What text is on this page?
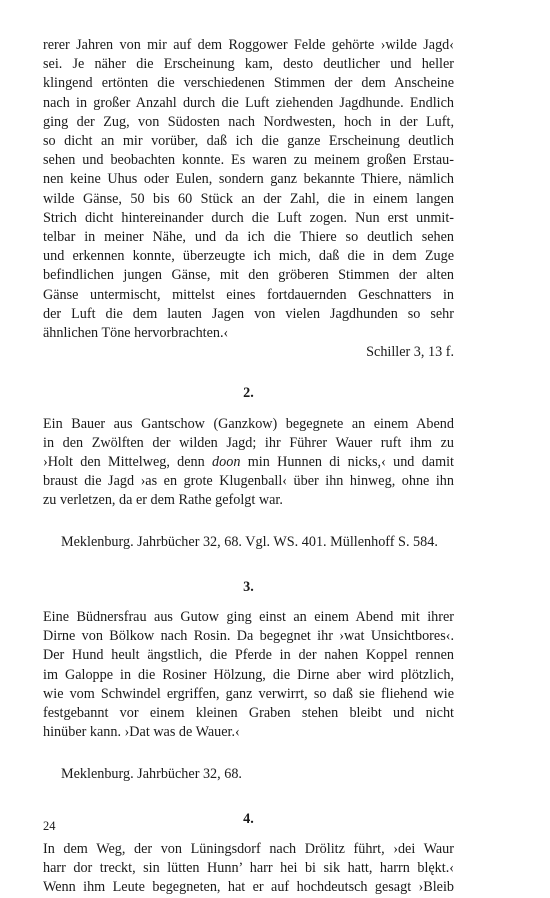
rerer Jahren von mir auf dem Roggower Felde gehörte ›wilde Jagd‹
sei. Je näher die Erscheinung kam, desto deutlicher und heller
klingend ertönten die verschiedenen Stimmen der dem Anscheine
nach in großer Anzahl durch die Luft ziehenden Jagdhunde. Endlich
ging der Zug, von Südosten nach Nordwesten, hoch in der Luft,
so dicht an mir vorüber, daß ich die ganze Erscheinung deutlich
sehen und beobachten konnte. Es waren zu meinem großen Erstau-
nen keine Uhus oder Eulen, sondern ganz bekannte Thiere, nämlich
wilde Gänse, 50 bis 60 Stück an der Zahl, die in einem langen
Strich dicht hintereinander durch die Luft zogen. Nun erst unmit-
telbar in meiner Nähe, und da ich die Thiere so deutlich sehen
und erkennen konnte, überzeugte ich mich, daß die in dem Zuge
befindlichen jungen Gänse, mit den gröberen Stimmen der alten
Gänse untermischt, mittelst eines fortdauernden Geschnatters in
der Luft die dem lauten Jagen von vielen Jagdhunden so sehr
ähnlichen Töne hervorbrachten.‹

Schiller 3, 13 f.

2.

Ein Bauer aus Gantschow (Ganzkow) begegnete an einem Abend
in den Zwölften der wilden Jagd; ihr Führer Wauer ruft ihm zu
›Holt den Mittelweg, denn doon min Hunnen di nicks,‹ und damit
braust die Jagd ›as en grote Klugenball‹ über ihn hinweg, ohne ihn
zu verletzen, da er dem Rathe gefolgt war.

Meklenburg. Jahrbücher 32, 68. Vgl. WS. 401. Müllenhoff S. 584.

3.

Eine Büdnersfrau aus Gutow ging einst an einem Abend mit ihrer
Dirne von Bölkow nach Rosin. Da begegnet ihr ›wat Unsichtbores‹.
Der Hund heult ängstlich, die Pferde in der nahen Koppel rennen
im Galoppe in die Rosiner Hölzung, die Dirne aber wird plötzlich,
wie vom Schwindel ergriffen, ganz verwirrt, so daß sie fliehend wie
festgebannt vor einem kleinen Graben stehen bleibt und nicht
hinüber kann. ›Dat was de Wauer.‹

Meklenburg. Jahrbücher 32, 68.

4.

In dem Weg, der von Lüningsdorf nach Drölitz führt, ›dei Waur
harr dor treckt, sin lütten Hunn’ harr hei bi sik hatt, harrn blękt.‹
Wenn ihm Leute begegneten, hat er auf hochdeutsch gesagt ›Bleib

24
